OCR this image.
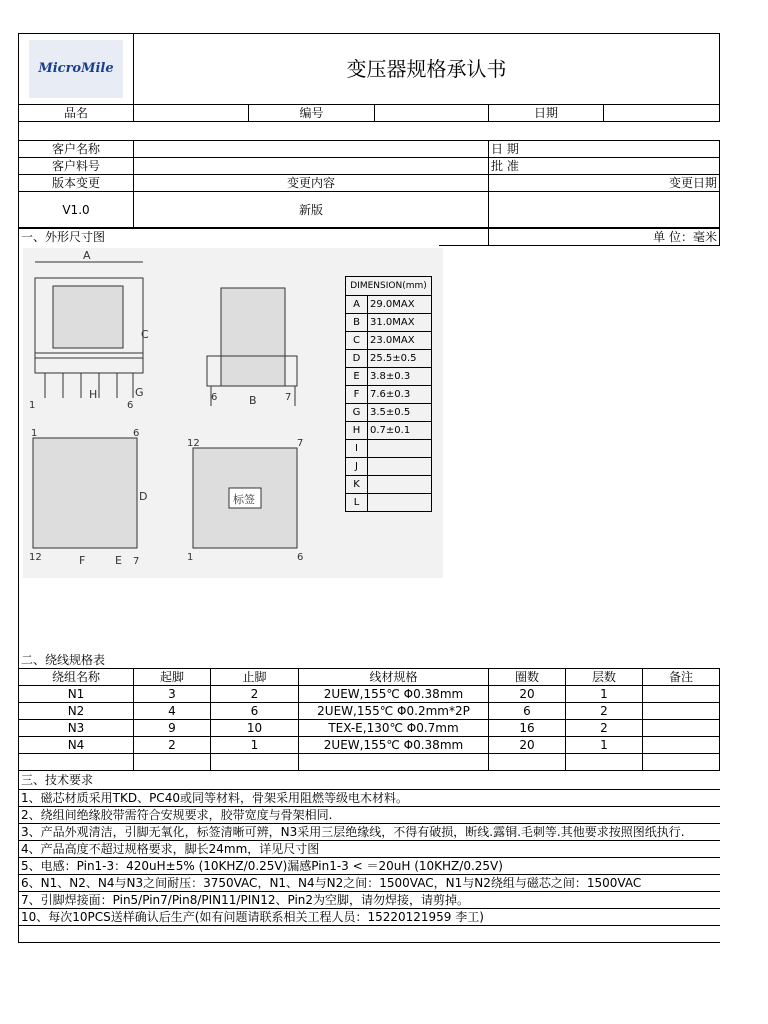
MicroMile	变压器规格承认书				
品名		编号		日期	
客户名称		日 期
客户料号		批 准
版本变更	变更内容	变更日期
V1.0	新版	
一、外形尺寸图		单 位：毫米
A
C
H	G
1	6
6	B	7
1	6
D
12	F	E 7
12	7
1	6
标签
DIMENSION(mm)	
A	29.0MAX
B	31.0MAX
C	23.0MAX
D	25.5±0.5
E	3.8±0.3
F	7.6±0.3
G	3.5±0.5
H	0.7±0.1
I	
J	
K	
L	
二、绕线规格表
绕组名称	起脚	止脚	线材规格	圈数	层数	备注
N1	3	2	2UEW,155℃ Φ0.38mm	20	1	
N2	4	6	2UEW,155℃ Φ0.2mm*2P	6	2	
N3	9	10	TEX-E,130℃ Φ0.7mm	16	2	
N4	2	1	2UEW,155℃ Φ0.38mm	20	1	

三、技术要求
1、磁芯材质采用TKD、PC40或同等材料，骨架采用阻燃等级电木材料。
2、绕组间绝缘胶带需符合安规要求，胶带宽度与骨架相同.
3、产品外观清洁，引脚无氧化，标签清晰可辨，N3采用三层绝缘线，不得有破损，断线.露铜.毛刺等.其他要求按照图纸执行.
4、产品高度不超过规格要求，脚长24mm，详见尺寸图
5、电感：Pin1-3：420uH±5% (10KHZ/0.25V)漏感Pin1-3 < ＝20uH (10KHZ/0.25V)
6、N1、N2、N4与N3之间耐压：3750VAC，N1、N4与N2之间：1500VAC，N1与N2绕组与磁芯之间：1500VAC
7、引脚焊接面：Pin5/Pin7/Pin8/PIN11/PIN12、Pin2为空脚，请勿焊接，请剪掉。
10、每次10PCS送样确认后生产(如有问题请联系相关工程人员：15220121959 李工)
